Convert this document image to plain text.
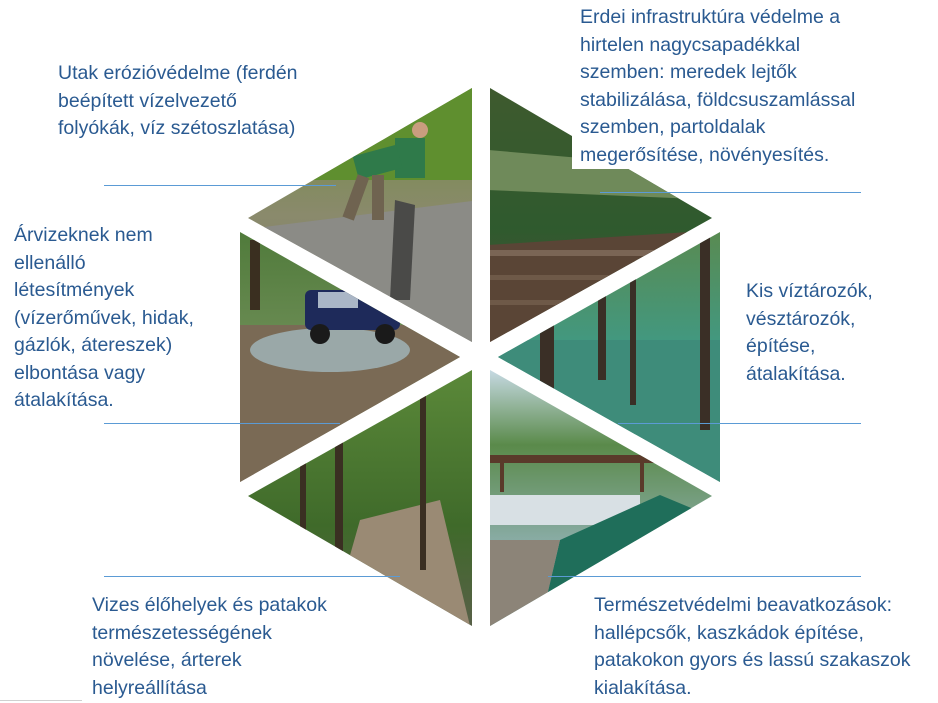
Utak erózióvédelme (ferdén
beépített vízelvezető
folyókák, víz szétoszlatása)
Erdei infrastruktúra védelme a
hirtelen nagycsapadékkal
szemben: meredek lejtők
stabilizálása, földcsuszamlással
szemben, partoldalak
megerősítése, növényesítés.
Árvizeknek nem
ellenálló
létesítmények
(vízerőművek, hidak,
gázlók, átereszek)
elbontása vagy
átalakítása.
Kis víztározók,
vésztározók,
építése,
átalakítása.
Vizes élőhelyek és patakok
természetességének
növelése, árterek
helyreállítása
Természetvédelmi beavatkozások:
hallépcsők, kaszkádok építése,
patakokon gyors és lassú szakaszok
kialakítása.
